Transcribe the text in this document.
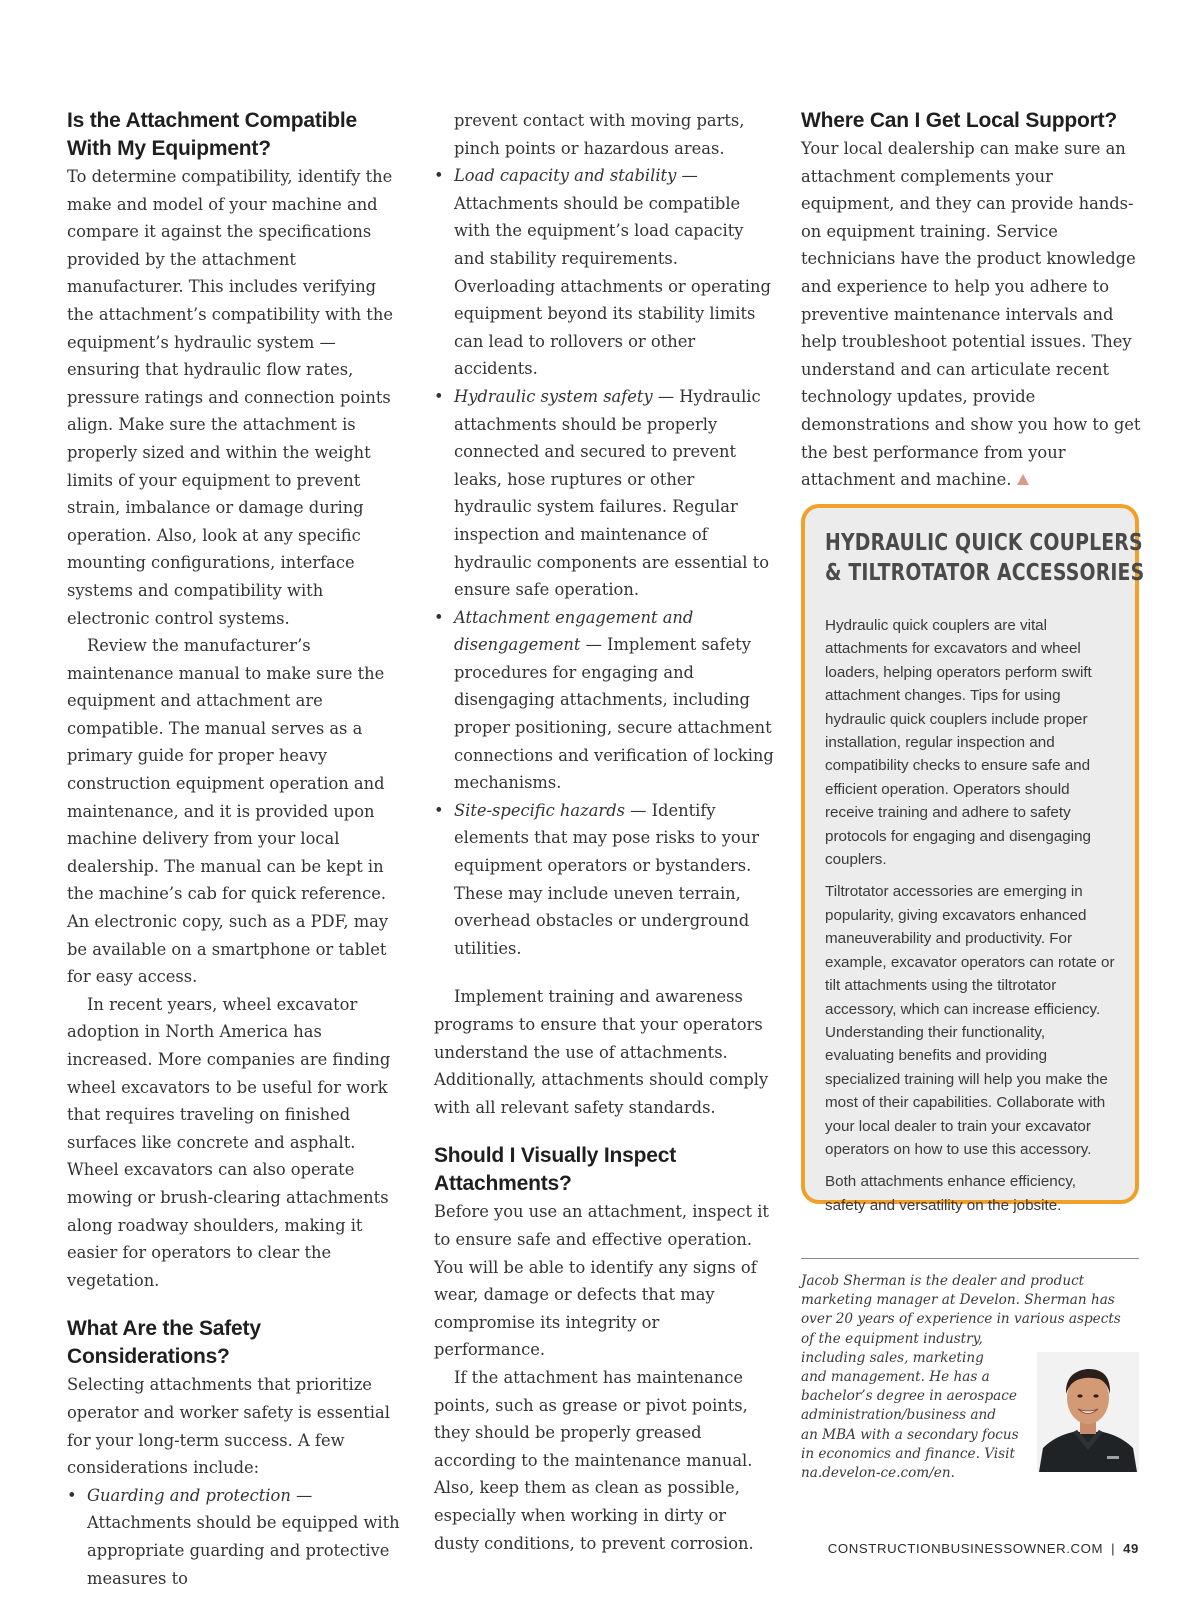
Is the Attachment Compatible With My Equipment?

To determine compatibility, identify the make and model of your machine and compare it against the specifications provided by the attachment manufacturer. This includes verifying the attachment’s compatibility with the equipment’s hydraulic system — ensuring that hydraulic flow rates, pressure ratings and connection points align. Make sure the attachment is properly sized and within the weight limits of your equipment to prevent strain, imbalance or damage during operation. Also, look at any specific mounting configurations, interface systems and compatibility with electronic control systems.

Review the manufacturer’s maintenance manual to make sure the equipment and attachment are compatible. The manual serves as a primary guide for proper heavy construction equipment operation and maintenance, and it is provided upon machine delivery from your local dealership. The manual can be kept in the machine’s cab for quick reference. An electronic copy, such as a PDF, may be available on a smartphone or tablet for easy access.

In recent years, wheel excavator adoption in North America has increased. More companies are finding wheel excavators to be useful for work that requires traveling on finished surfaces like concrete and asphalt. Wheel excavators can also operate mowing or brush-clearing attachments along roadway shoulders, making it easier for operators to clear the vegetation.

What Are the Safety Considerations?

Selecting attachments that prioritize operator and worker safety is essential for your long-term success. A few considerations include:

• Guarding and protection — Attachments should be equipped with appropriate guarding and protective measures to

prevent contact with moving parts, pinch points or hazardous areas.

• Load capacity and stability — Attachments should be compatible with the equipment’s load capacity and stability requirements. Overloading attachments or operating equipment beyond its stability limits can lead to rollovers or other accidents.
• Hydraulic system safety — Hydraulic attachments should be properly connected and secured to prevent leaks, hose ruptures or other hydraulic system failures. Regular inspection and maintenance of hydraulic components are essential to ensure safe operation.
• Attachment engagement and disengagement — Implement safety procedures for engaging and disengaging attachments, including proper positioning, secure attachment connections and verification of locking mechanisms.
• Site-specific hazards — Identify elements that may pose risks to your equipment operators or bystanders. These may include uneven terrain, overhead obstacles or underground utilities.

Implement training and awareness programs to ensure that your operators understand the use of attachments. Additionally, attachments should comply with all relevant safety standards.

Should I Visually Inspect Attachments?

Before you use an attachment, inspect it to ensure safe and effective operation. You will be able to identify any signs of wear, damage or defects that may compromise its integrity or performance.

If the attachment has maintenance points, such as grease or pivot points, they should be properly greased according to the maintenance manual. Also, keep them as clean as possible, especially when working in dirty or dusty conditions, to prevent corrosion.

Where Can I Get Local Support?

Your local dealership can make sure an attachment complements your equipment, and they can provide hands-on equipment training. Service technicians have the product knowledge and experience to help you adhere to preventive maintenance intervals and help troubleshoot potential issues. They understand and can articulate recent technology updates, provide demonstrations and show you how to get the best performance from your attachment and machine.

HYDRAULIC QUICK COUPLERS
& TILTROTATOR ACCESSORIES

Hydraulic quick couplers are vital attachments for excavators and wheel loaders, helping operators perform swift attachment changes. Tips for using hydraulic quick couplers include proper installation, regular inspection and compatibility checks to ensure safe and efficient operation. Operators should receive training and adhere to safety protocols for engaging and disengaging couplers.

Tiltrotator accessories are emerging in popularity, giving excavators enhanced maneuverability and productivity. For example, excavator operators can rotate or tilt attachments using the tiltrotator accessory, which can increase efficiency. Understanding their functionality, evaluating benefits and providing specialized training will help you make the most of their capabilities. Collaborate with your local dealer to train your excavator operators on how to use this accessory.

Both attachments enhance efficiency, safety and versatility on the jobsite.

Jacob Sherman is the dealer and product
marketing manager at Develon. Sherman has
over 20 years of experience in various aspects
of the equipment industry,
including sales, marketing
and management. He has a
bachelor’s degree in aerospace
administration/business and
an MBA with a secondary focus
in economics and finance. Visit
na.develon-ce.com/en.
CONSTRUCTIONBUSINESSOWNER.COM | 49
